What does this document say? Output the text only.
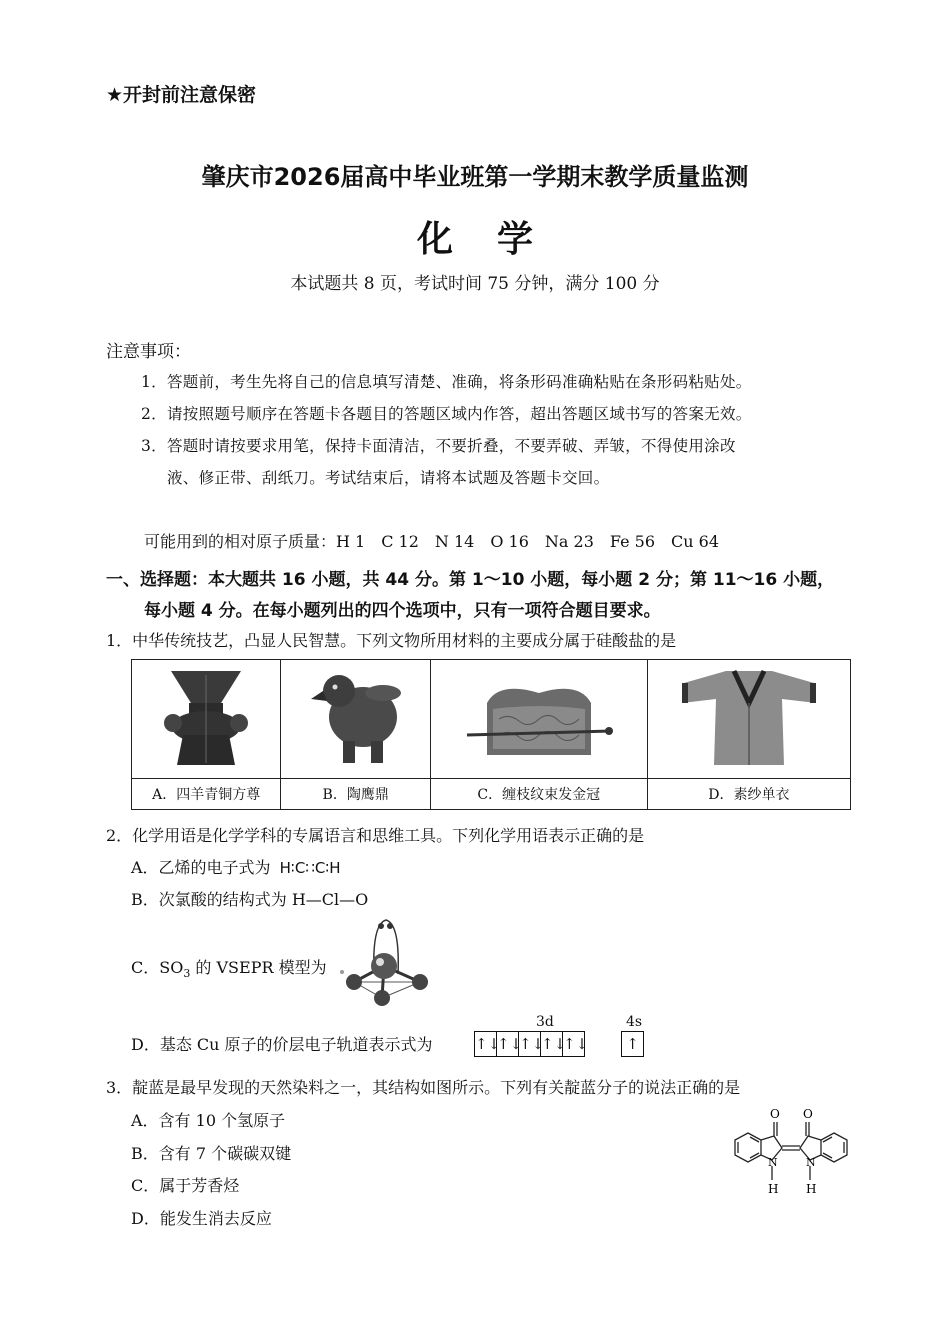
★开封前注意保密
肇庆市2026届高中毕业班第一学期末教学质量监测
化学
本试题共 8 页，考试时间 75 分钟，满分 100 分
注意事项：
1．答题前，考生先将自己的信息填写清楚、准确，将条形码准确粘贴在条形码粘贴处。
2．请按照题号顺序在答题卡各题目的答题区域内作答，超出答题区域书写的答案无效。
3．答题时请按要求用笔，保持卡面清洁，不要折叠，不要弄破、弄皱，不得使用涂改
液、修正带、刮纸刀。考试结束后，请将本试题及答题卡交回。
可能用到的相对原子质量：H 1　C 12　N 14　O 16　Na 23　Fe 56　Cu 64
一、选择题：本大题共 16 小题，共 44 分。第 1～10 小题，每小题 2 分；第 11～16 小题，
每小题 4 分。在每小题列出的四个选项中，只有一项符合题目要求。
1．中华传统技艺，凸显人民智慧。下列文物所用材料的主要成分属于硅酸盐的是

A．四羊青铜方尊	B．陶鹰鼎	C．缠枝纹束发金冠	D．素纱单衣
2．化学用语是化学学科的专属语言和思维工具。下列化学用语表示正确的是
A．乙烯的电子式为 H∶C∷C∶H
B．次氯酸的结构式为 H—Cl—O
C．$SO_3$ 的 VSEPR 模型为
D．基态 Cu 原子的价层电子轨道表示式为
3d	4s
↑↓↑↓↑↓↑↓↑↓	↑
3．靛蓝是最早发现的天然染料之一，其结构如图所示。下列有关靛蓝分子的说法正确的是
A．含有 10 个氢原子
B．含有 7 个碳碳双键
C．属于芳香烃
D．能发生消去反应
O O
N	N
H H
